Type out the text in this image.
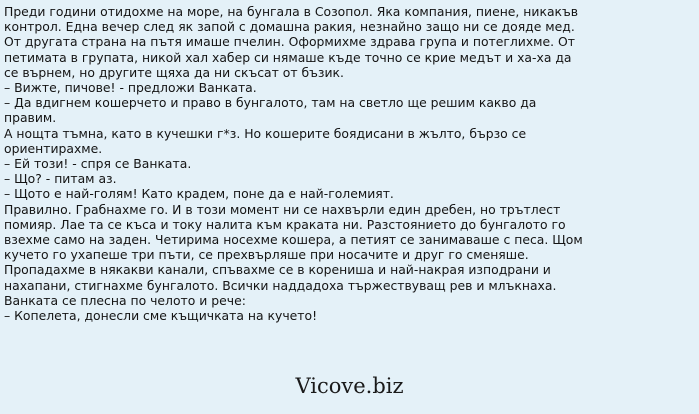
Преди години отидохме на море, на бунгала в Созопол. Яка компания, пиене, никакъв

контрол. Една вечер след як запой с домашна ракия, незнайно защо ни се дояде мед.

От другата страна на пътя имаше пчелин. Оформихме здрава група и потеглихме. От

петимата в групата, никой хал хабер си нямаше къде точно се крие медът и ха-ха да

се върнем, но другите щяха да ни скъсат от бъзик.

– Вижте, пичове! - предложи Ванката.

– Да вдигнем кошерчето и право в бунгалото, там на светло ще решим какво да

правим.

А нощта тъмна, като в кучешки г*з. Но кошерите боядисани в жълто, бързо се

ориентирахме.

– Ей този! - спря се Ванката.

– Що? - питам аз.

– Щото е най-голям! Като крадем, поне да е най-големият.

Правилно. Грабнахме го. И в този момент ни се нахвърли един дребен, но трътлест

помияр. Лае та се къса и току налита към краката ни. Разстоянието до бунгалото го

взехме само на заден. Четирима носехме кошера, а петият се занимаваше с песа. Щом

кучето го ухапеше три пъти, се прехвърляше при носачите и друг го сменяше.

Пропадахме в някакви канали, спъвахме се в корениша и най-накрая изподрани и

нахапани, стигнахме бунгалото. Всички наддадоха тържествуващ рев и млъкнаха.

Ванката се плесна по челото и рече:

– Копелета, донесли сме къщичката на кучето!

Vicove.biz
